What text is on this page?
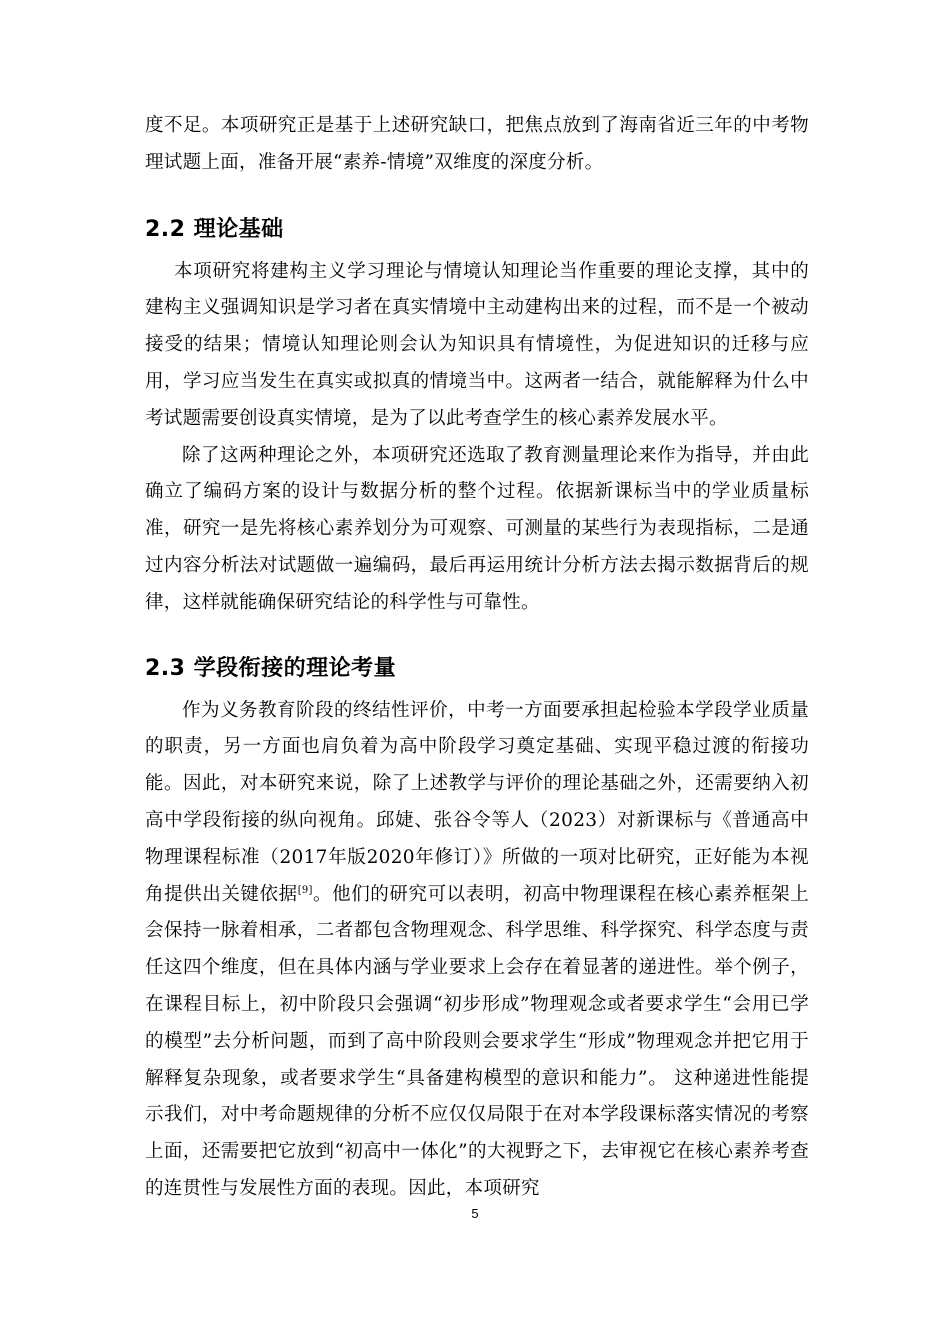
度不足。本项研究正是基于上述研究缺口，把焦点放到了海南省近三年的中考物理试题上面，准备开展“素养-情境”双维度的深度分析。

2.2 理论基础

本项研究将建构主义学习理论与情境认知理论当作重要的理论支撑，其中的建构主义强调知识是学习者在真实情境中主动建构出来的过程，而不是一个被动接受的结果；情境认知理论则会认为知识具有情境性，为促进知识的迁移与应用，学习应当发生在真实或拟真的情境当中。这两者一结合，就能解释为什么中考试题需要创设真实情境，是为了以此考查学生的核心素养发展水平。

除了这两种理论之外，本项研究还选取了教育测量理论来作为指导，并由此确立了编码方案的设计与数据分析的整个过程。依据新课标当中的学业质量标准，研究一是先将核心素养划分为可观察、可测量的某些行为表现指标，二是通过内容分析法对试题做一遍编码，最后再运用统计分析方法去揭示数据背后的规律，这样就能确保研究结论的科学性与可靠性。

2.3 学段衔接的理论考量

作为义务教育阶段的终结性评价，中考一方面要承担起检验本学段学业质量的职责，另一方面也肩负着为高中阶段学习奠定基础、实现平稳过渡的衔接功能。因此，对本研究来说，除了上述教学与评价的理论基础之外，还需要纳入初高中学段衔接的纵向视角。邱婕、张谷令等人（2023）对新课标与《普通高中物理课程标准（2017年版2020年修订）》所做的一项对比研究，正好能为本视角提供出关键依据[9]。他们的研究可以表明，初高中物理课程在核心素养框架上会保持一脉着相承，二者都包含物理观念、科学思维、科学探究、科学态度与责任这四个维度，但在具体内涵与学业要求上会存在着显著的递进性。举个例子，在课程目标上，初中阶段只会强调“初步形成”物理观念或者要求学生“会用已学的模型”去分析问题，而到了高中阶段则会要求学生“形成”物理观念并把它用于解释复杂现象，或者要求学生“具备建构模型的意识和能力”。 这种递进性能提示我们，对中考命题规律的分析不应仅仅局限于在对本学段课标落实情况的考察上面，还需要把它放到“初高中一体化”的大视野之下，去审视它在核心素养考查的连贯性与发展性方面的表现。因此，本项研究

5
